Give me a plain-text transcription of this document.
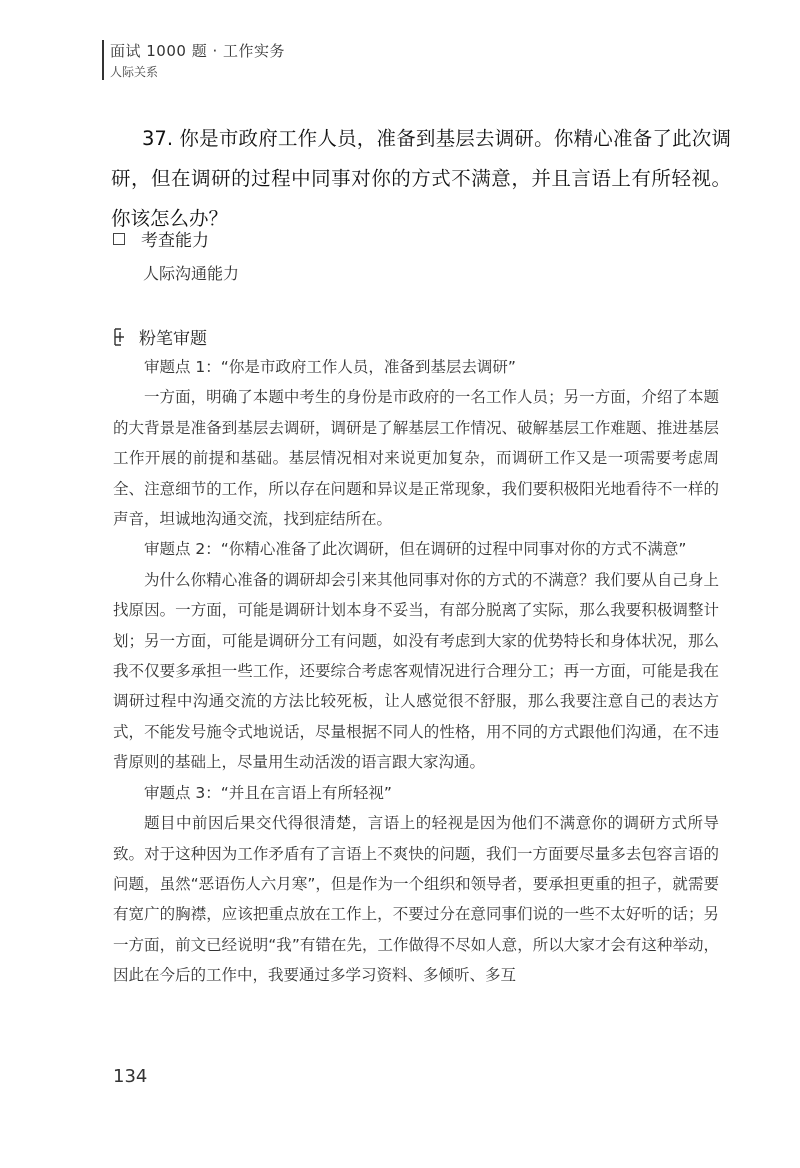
面试 1000 题 · 工作实务
人际关系
37. 你是市政府工作人员，准备到基层去调研。你精心准备了此次调研，但在调研的过程中同事对你的方式不满意，并且言语上有所轻视。你该怎么办？
考查能力
人际沟通能力
粉笔审题

审题点 1：“你是市政府工作人员，准备到基层去调研”

一方面，明确了本题中考生的身份是市政府的一名工作人员；另一方面，介绍了本题的大背景是准备到基层去调研，调研是了解基层工作情况、破解基层工作难题、推进基层工作开展的前提和基础。基层情况相对来说更加复杂，而调研工作又是一项需要考虑周全、注意细节的工作，所以存在问题和异议是正常现象，我们要积极阳光地看待不一样的声音，坦诚地沟通交流，找到症结所在。

审题点 2：“你精心准备了此次调研，但在调研的过程中同事对你的方式不满意”

为什么你精心准备的调研却会引来其他同事对你的方式的不满意？我们要从自己身上找原因。一方面，可能是调研计划本身不妥当，有部分脱离了实际，那么我要积极调整计划；另一方面，可能是调研分工有问题，如没有考虑到大家的优势特长和身体状况，那么我不仅要多承担一些工作，还要综合考虑客观情况进行合理分工；再一方面，可能是我在调研过程中沟通交流的方法比较死板，让人感觉很不舒服，那么我要注意自己的表达方式，不能发号施令式地说话，尽量根据不同人的性格，用不同的方式跟他们沟通，在不违背原则的基础上，尽量用生动活泼的语言跟大家沟通。

审题点 3：“并且在言语上有所轻视”

题目中前因后果交代得很清楚，言语上的轻视是因为他们不满意你的调研方式所导致。对于这种因为工作矛盾有了言语上不爽快的问题，我们一方面要尽量多去包容言语的问题，虽然“恶语伤人六月寒”，但是作为一个组织和领导者，要承担更重的担子，就需要有宽广的胸襟，应该把重点放在工作上，不要过分在意同事们说的一些不太好听的话；另一方面，前文已经说明“我”有错在先，工作做得不尽如人意，所以大家才会有这种举动，因此在今后的工作中，我要通过多学习资料、多倾听、多互

134
